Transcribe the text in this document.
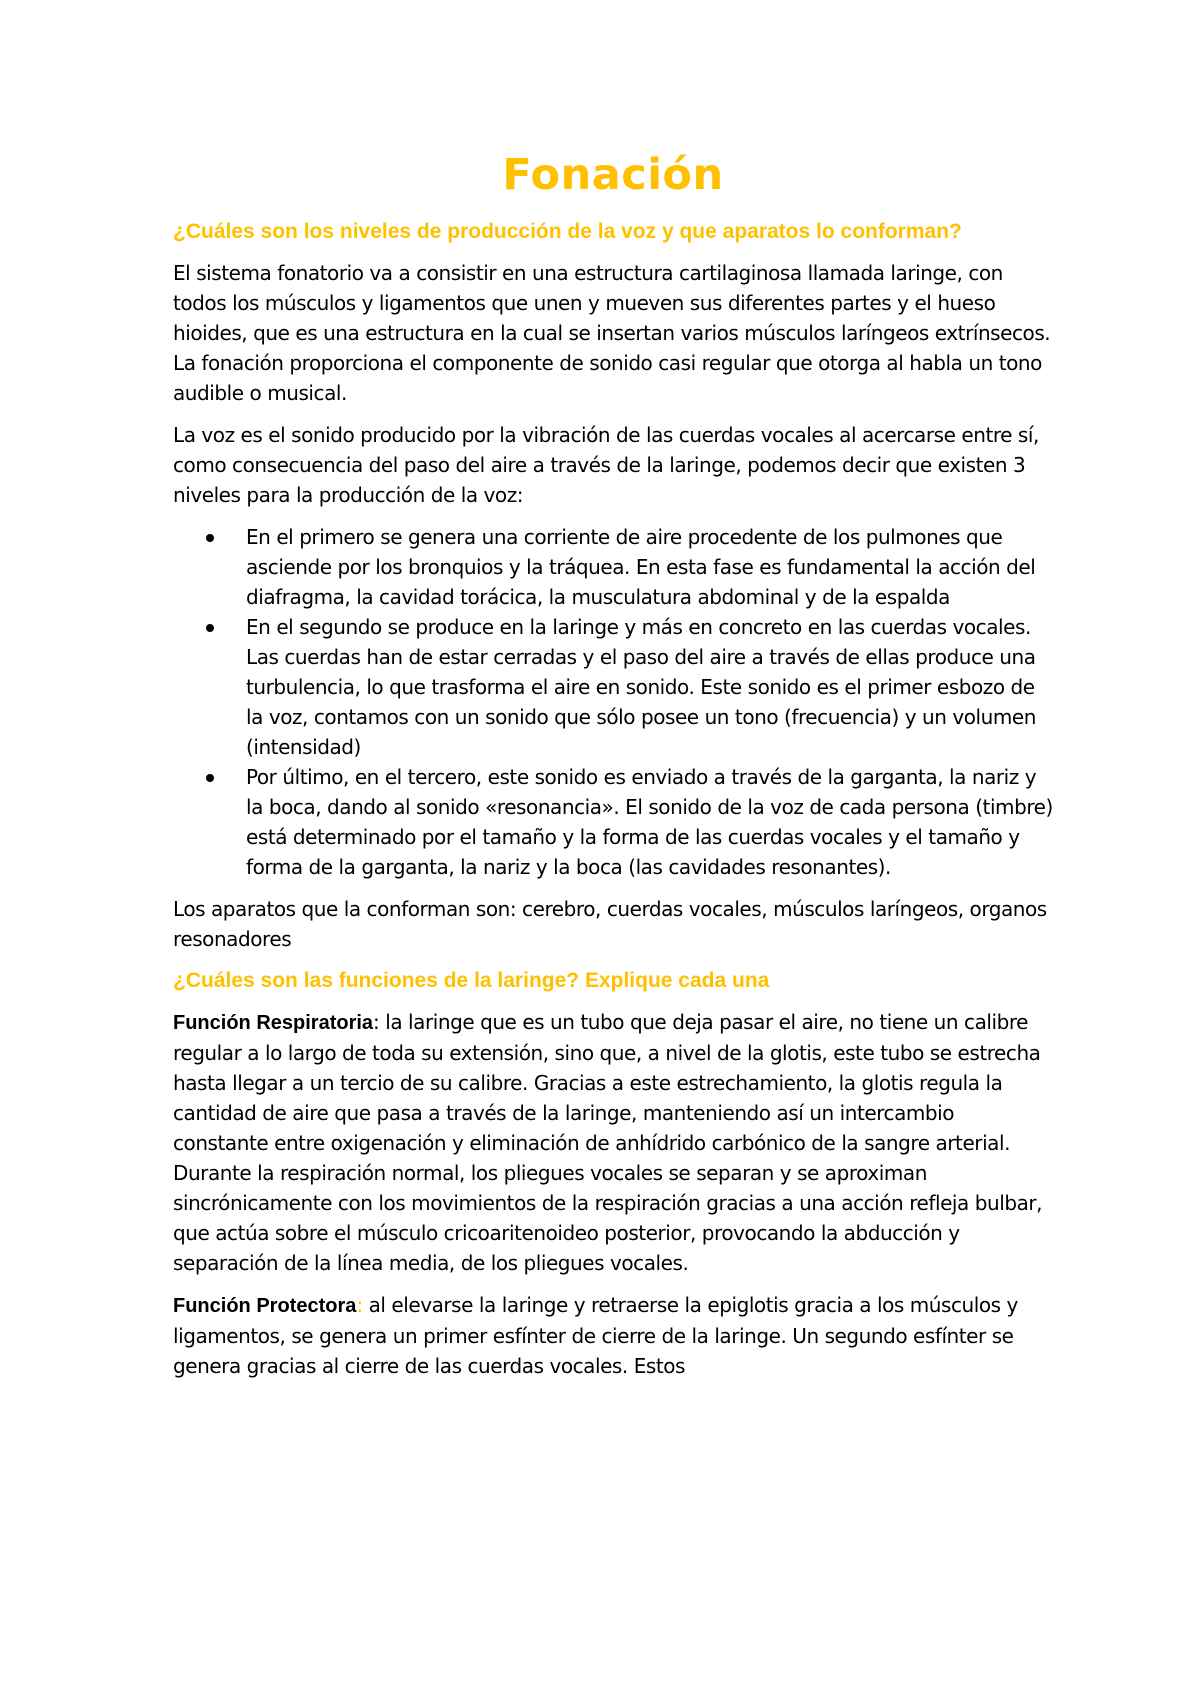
Fonación
¿Cuáles son los niveles de producción de la voz y que aparatos lo conforman?

El sistema fonatorio va a consistir en una estructura cartilaginosa llamada laringe, con todos los músculos y ligamentos que unen y mueven sus diferentes partes y el hueso hioides, que es una estructura en la cual se insertan varios músculos laríngeos extrínsecos. La fonación proporciona el componente de sonido casi regular que otorga al habla un tono audible o musical.

La voz es el sonido producido por la vibración de las cuerdas vocales al acercarse entre sí, como consecuencia del paso del aire a través de la laringe, podemos decir que existen 3 niveles para la producción de la voz:

En el primero se genera una corriente de aire procedente de los pulmones que asciende por los bronquios y la tráquea. En esta fase es fundamental la acción del diafragma, la cavidad torácica, la musculatura abdominal y de la espalda
En el segundo se produce en la laringe y más en concreto en las cuerdas vocales. Las cuerdas han de estar cerradas y el paso del aire a través de ellas produce una turbulencia, lo que trasforma el aire en sonido. Este sonido es el primer esbozo de la voz, contamos con un sonido que sólo posee un tono (frecuencia) y un volumen (intensidad)
Por último, en el tercero, este sonido es enviado a través de la garganta, la nariz y la boca, dando al sonido «resonancia». El sonido de la voz de cada persona (timbre) está determinado por el tamaño y la forma de las cuerdas vocales y el tamaño y forma de la garganta, la nariz y la boca (las cavidades resonantes).

Los aparatos que la conforman son: cerebro, cuerdas vocales, músculos laríngeos, organos resonadores

¿Cuáles son las funciones de la laringe? Explique cada una

Función Respiratoria: la laringe que es un tubo que deja pasar el aire, no tiene un calibre regular a lo largo de toda su extensión, sino que, a nivel de la glotis, este tubo se estrecha hasta llegar a un tercio de su calibre. Gracias a este estrechamiento, la glotis regula la cantidad de aire que pasa a través de la laringe, manteniendo así un intercambio constante entre oxigenación y eliminación de anhídrido carbónico de la sangre arterial. Durante la respiración normal, los pliegues vocales se separan y se aproximan sincrónicamente con los movimientos de la respiración gracias a una acción refleja bulbar, que actúa sobre el músculo cricoaritenoideo posterior, provocando la abducción y separación de la línea media, de los pliegues vocales.

Función Protectora: al elevarse la laringe y retraerse la epiglotis gracia a los músculos y ligamentos, se genera un primer esfínter de cierre de la laringe. Un segundo esfínter se genera gracias al cierre de las cuerdas vocales. Estos
